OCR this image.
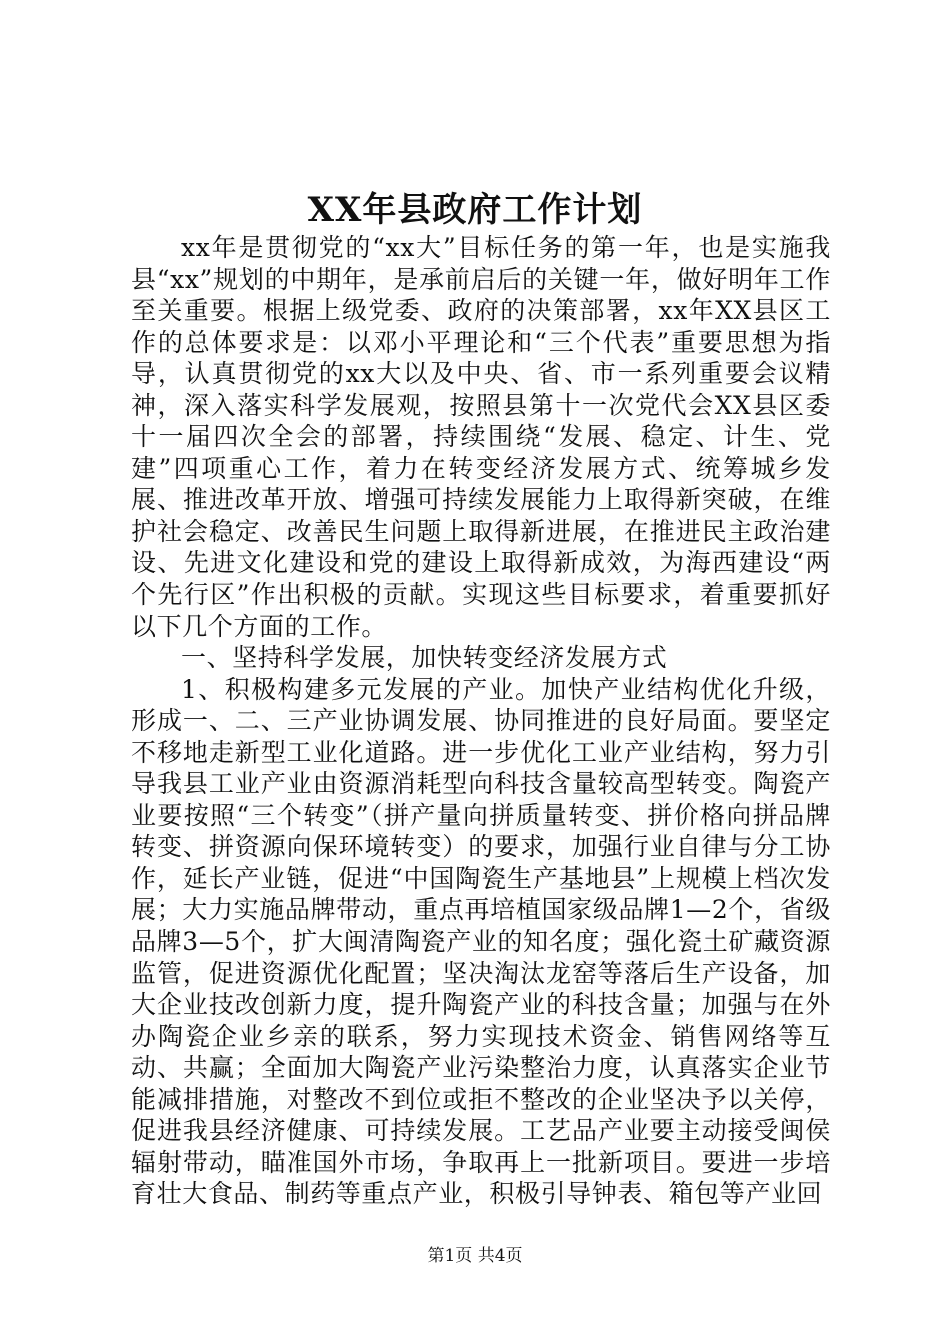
XX年县政府工作计划

xx年是贯彻党的“xx大”目标任务的第一年，也是实施我县“xx”规划的中期年，是承前启后的关键一年，做好明年工作至关重要。根据上级党委、政府的决策部署，xx年XX县区工作的总体要求是：以邓小平理论和“三个代表”重要思想为指导，认真贯彻党的xx大以及中央、省、市一系列重要会议精神，深入落实科学发展观，按照县第十一次党代会XX县区委十一届四次全会的部署，持续围绕“发展、稳定、计生、党建”四项重心工作，着力在转变经济发展方式、统筹城乡发展、推进改革开放、增强可持续发展能力上取得新突破，在维护社会稳定、改善民生问题上取得新进展，在推进民主政治建设、先进文化建设和党的建设上取得新成效，为海西建设“两个先行区”作出积极的贡献。实现这些目标要求，着重要抓好以下几个方面的工作。

一、坚持科学发展，加快转变经济发展方式

1、积极构建多元发展的产业。加快产业结构优化升级，形成一、二、三产业协调发展、协同推进的良好局面。要坚定不移地走新型工业化道路。进一步优化工业产业结构，努力引导我县工业产业由资源消耗型向科技含量较高型转变。陶瓷产业要按照“三个转变”（拼产量向拼质量转变、拼价格向拼品牌转变、拼资源向保环境转变）的要求，加强行业自律与分工协作，延长产业链，促进“中国陶瓷生产基地县”上规模上档次发展；大力实施品牌带动，重点再培植国家级品牌1—2个，省级品牌3—5个，扩大闽清陶瓷产业的知名度；强化瓷土矿藏资源监管，促进资源优化配置；坚决淘汰龙窑等落后生产设备，加大企业技改创新力度，提升陶瓷产业的科技含量；加强与在外办陶瓷企业乡亲的联系，努力实现技术资金、销售网络等互动、共赢；全面加大陶瓷产业污染整治力度，认真落实企业节能减排措施，对整改不到位或拒不整改的企业坚决予以关停，促进我县经济健康、可持续发展。工艺品产业要主动接受闽侯辐射带动，瞄准国外市场，争取再上一批新项目。要进一步培育壮大食品、制药等重点产业，积极引导钟表、箱包等产业回

第1页 共4页
